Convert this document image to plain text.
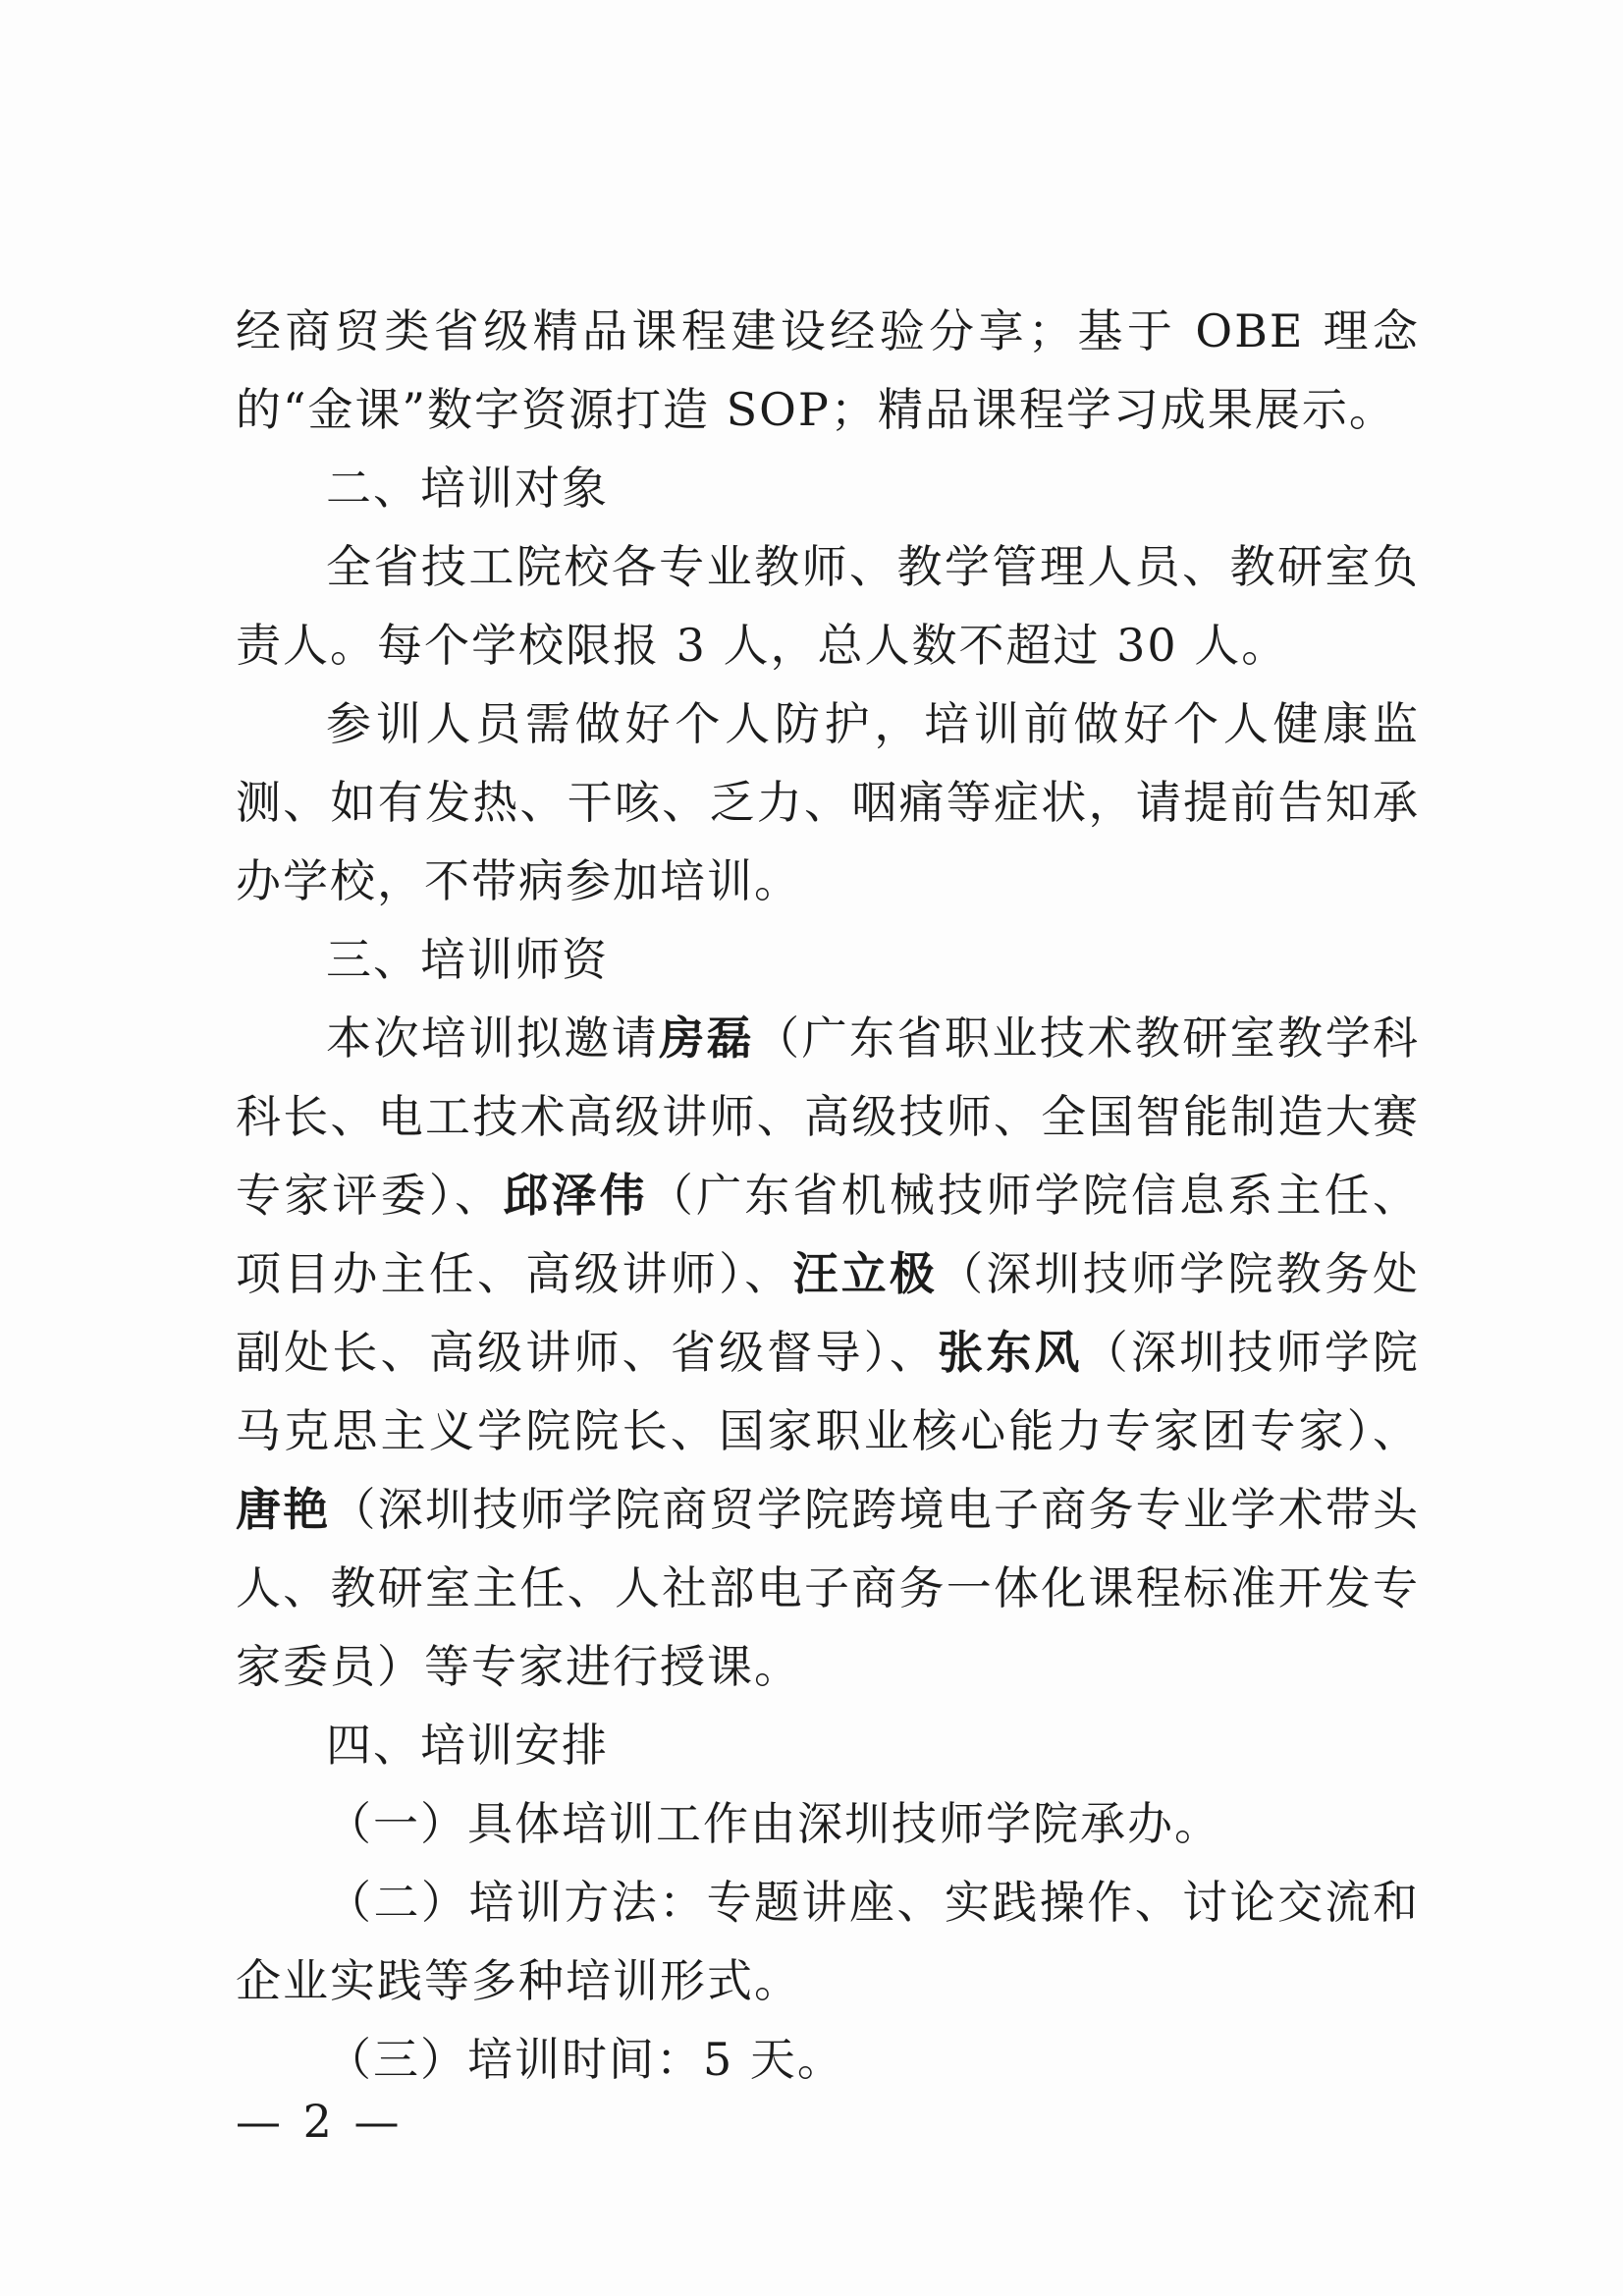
经商贸类省级精品课程建设经验分享；基于 OBE 理念的“金课”数字资源打造 SOP；精品课程学习成果展示。

二、培训对象

全省技工院校各专业教师、教学管理人员、教研室负责人。每个学校限报 3 人，总人数不超过 30 人。

参训人员需做好个人防护，培训前做好个人健康监测、如有发热、干咳、乏力、咽痛等症状，请提前告知承办学校，不带病参加培训。

三、培训师资

本次培训拟邀请房磊（广东省职业技术教研室教学科科长、电工技术高级讲师、高级技师、全国智能制造大赛专家评委）、邱泽伟（广东省机械技师学院信息系主任、项目办主任、高级讲师）、汪立极（深圳技师学院教务处副处长、高级讲师、省级督导）、张东风（深圳技师学院马克思主义学院院长、国家职业核心能力专家团专家）、唐艳（深圳技师学院商贸学院跨境电子商务专业学术带头人、教研室主任、人社部电子商务一体化课程标准开发专家委员）等专家进行授课。

四、培训安排

（一）具体培训工作由深圳技师学院承办。

（二）培训方法：专题讲座、实践操作、讨论交流和企业实践等多种培训形式。

（三）培训时间：5 天。

— 2 —
